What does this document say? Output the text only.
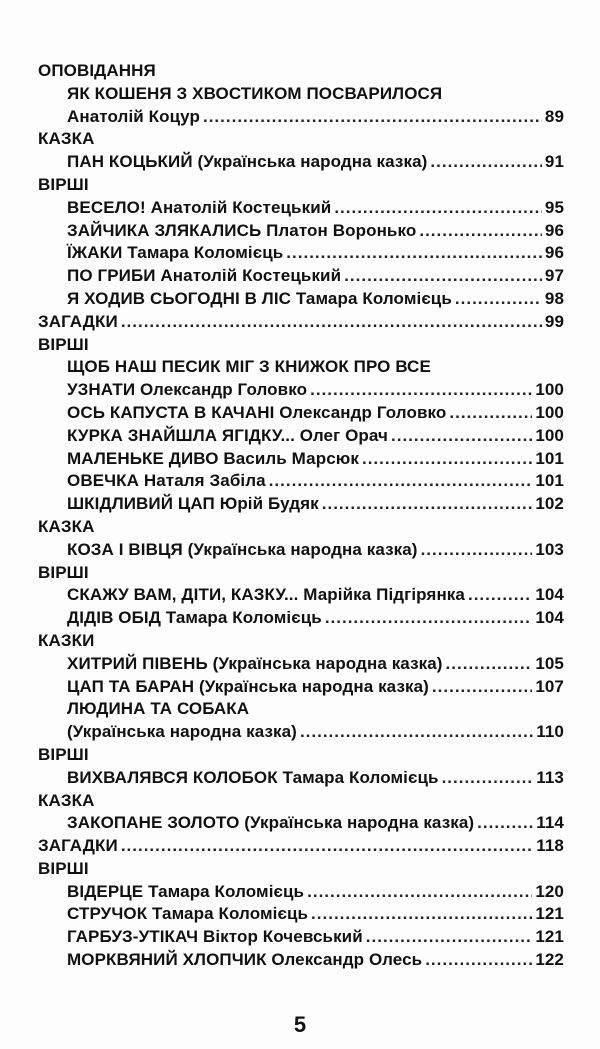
ОПОВІДАННЯ
ЯК КОШЕНЯ З ХВОСТИКОМ ПОСВАРИЛОСЯ
Анатолій Коцур .....	89
КАЗКА
ПАН КОЦЬКИЙ (Українська народна казка) .....	91
ВІРШІ
ВЕСЕЛО! Анатолій Костецький .....	95
ЗАЙЧИКА ЗЛЯКАЛИСЬ Платон Воронько .....	96
ЇЖАКИ Тамара Коломієць .....	96
ПО ГРИБИ Анатолій Костецький .....	97
Я ХОДИВ СЬОГОДНІ В ЛІС Тамара Коломієць .....	98
ЗАГАДКИ .....	99
ВІРШІ
ЩОБ НАШ ПЕСИК МІГ З КНИЖОК ПРО ВСЕ
УЗНАТИ Олександр Головко .....	100
ОСЬ КАПУСТА В КАЧАНІ Олександр Головко .....	100
КУРКА ЗНАЙШЛА ЯГІДКУ... Олег Орач .....	100
МАЛЕНЬКЕ ДИВО Василь Марсюк .....	101
ОВЕЧКА Наталя Забіла .....	101
ШКІДЛИВИЙ ЦАП Юрій Будяк .....	102
КАЗКА
КОЗА І ВІВЦЯ (Українська народна казка) .....	103
ВІРШІ
СКАЖУ ВАМ, ДІТИ, КАЗКУ... Марійка Підгірянка .....	104
ДІДІВ ОБІД Тамара Коломієць .....	104
КАЗКИ
ХИТРИЙ ПІВЕНЬ (Українська народна казка) .....	105
ЦАП ТА БАРАН (Українська народна казка) .....	107
ЛЮДИНА ТА СОБАКА
(Українська народна казка) .....	110
ВІРШІ
ВИХВАЛЯВСЯ КОЛОБОК Тамара Коломієць .....	113
КАЗКА
ЗАКОПАНЕ ЗОЛОТО (Українська народна казка) .....	114
ЗАГАДКИ .....	118
ВІРШІ
ВІДЕРЦЕ Тамара Коломієць .....	120
СТРУЧОК Тамара Коломієць .....	121
ГАРБУЗ-УТІКАЧ Віктор Кочевський .....	121
МОРКВЯНИЙ ХЛОПЧИК Олександр Олесь .....	122
5
